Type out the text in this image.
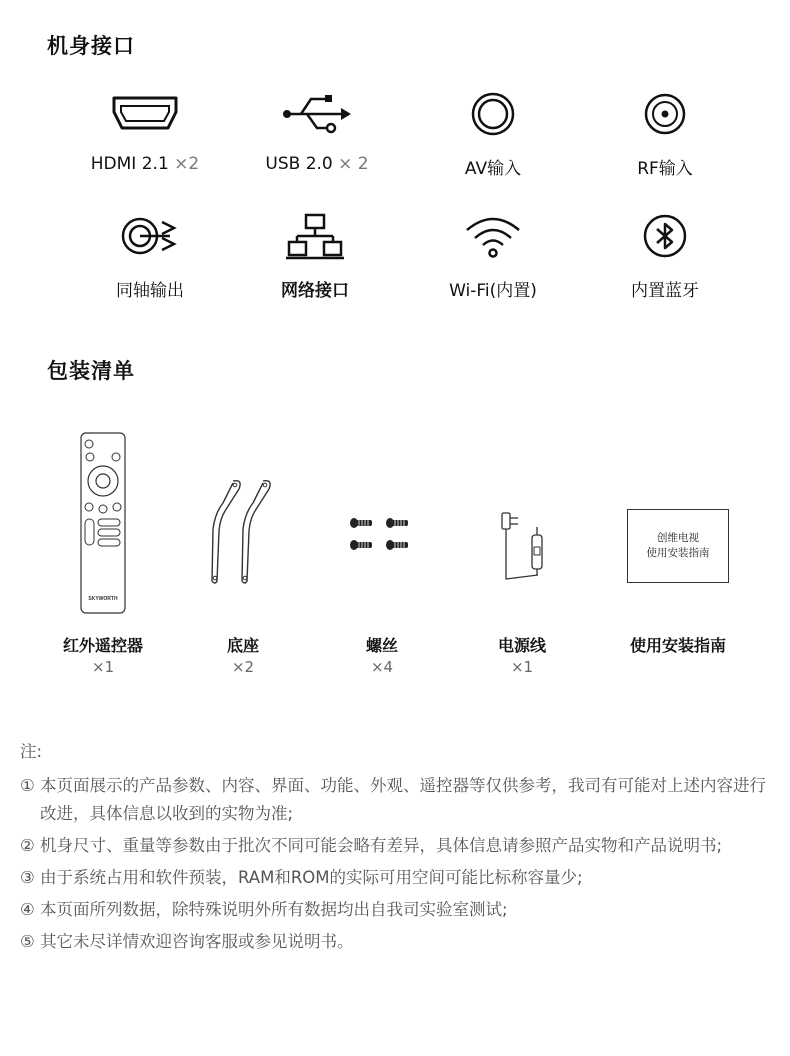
机身接口
HDMI 2.1 ×2	USB 2.0 × 2	AV输入	RF输入
同轴输出	网络接口	Wi-Fi(内置)	内置蓝牙
包装清单
SKYWORTH
红外遥控器
×1
底座
×2
螺丝
×4
电源线
×1
创维电视
使用安装指南
使用安装指南
注:
① 本页面展示的产品参数、内容、界面、功能、外观、遥控器等仅供参考，我司有可能对上述内容进行改进，具体信息以收到的实物为准;
② 机身尺寸、重量等参数由于批次不同可能会略有差异，具体信息请参照产品实物和产品说明书;
③ 由于系统占用和软件预装，RAM和ROM的实际可用空间可能比标称容量少;
④ 本页面所列数据，除特殊说明外所有数据均出自我司实验室测试;
⑤ 其它未尽详情欢迎咨询客服或参见说明书。
